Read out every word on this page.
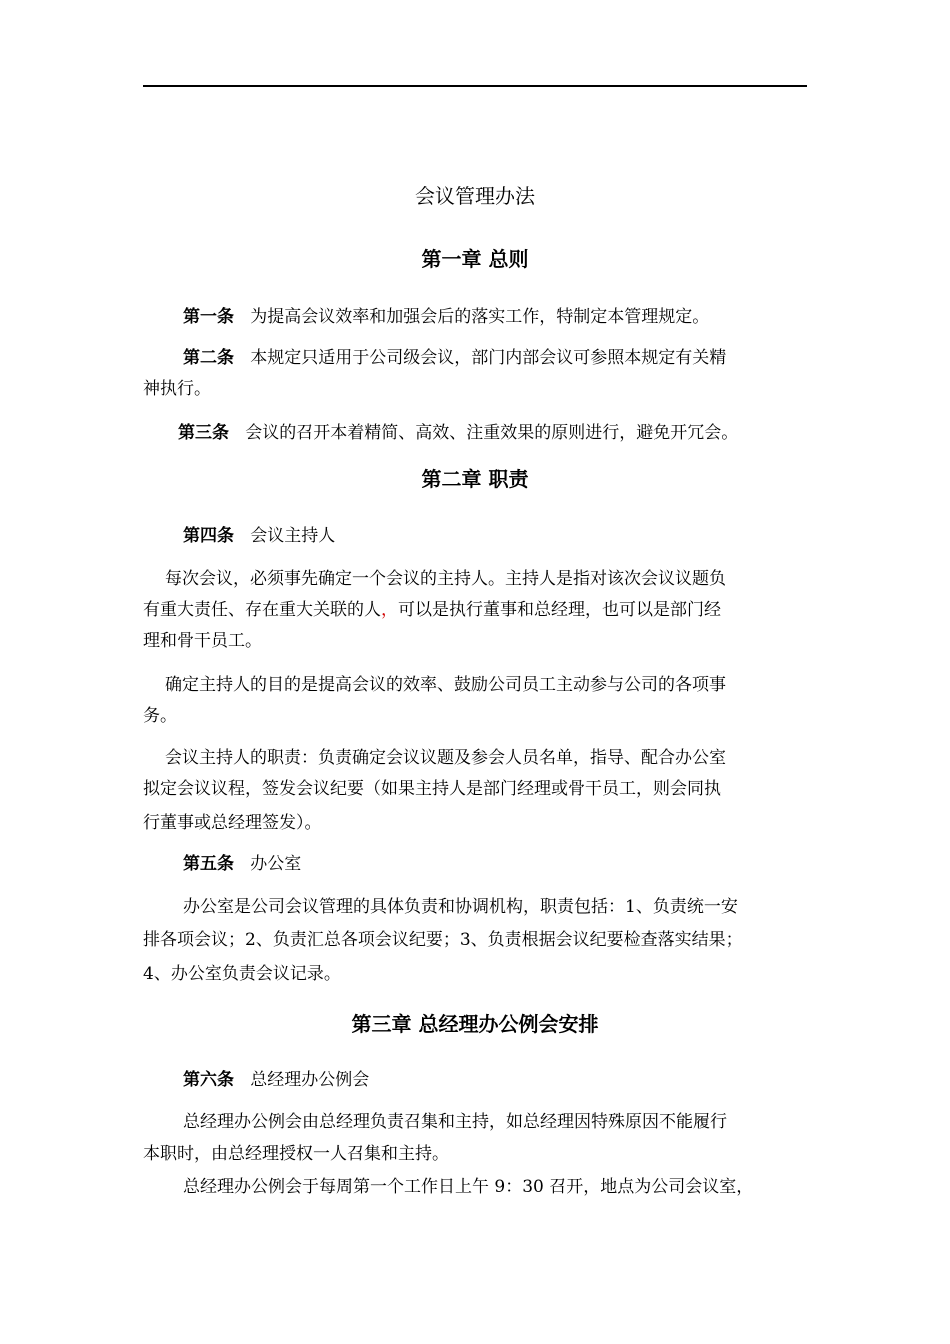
会议管理办法
第一章 总则
第一条 为提高会议效率和加强会后的落实工作，特制定本管理规定。
第二条 本规定只适用于公司级会议，部门内部会议可参照本规定有关精
神执行。
第三条 会议的召开本着精简、高效、注重效果的原则进行，避免开冗会。
第二章 职责
第四条 会议主持人
每次会议，必须事先确定一个会议的主持人。主持人是指对该次会议议题负
有重大责任、存在重大关联的人，可以是执行董事和总经理，也可以是部门经
理和骨干员工。
确定主持人的目的是提高会议的效率、鼓励公司员工主动参与公司的各项事
务。
会议主持人的职责：负责确定会议议题及参会人员名单，指导、配合办公室
拟定会议议程，签发会议纪要（如果主持人是部门经理或骨干员工，则会同执
行董事或总经理签发）。
第五条 办公室
办公室是公司会议管理的具体负责和协调机构，职责包括：1、负责统一安
排各项会议；2、负责汇总各项会议纪要；3、负责根据会议纪要检查落实结果；
4、办公室负责会议记录。
第三章 总经理办公例会安排
第六条 总经理办公例会
总经理办公例会由总经理负责召集和主持，如总经理因特殊原因不能履行
本职时，由总经理授权一人召集和主持。
总经理办公例会于每周第一个工作日上午 9：30 召开，地点为公司会议室，
